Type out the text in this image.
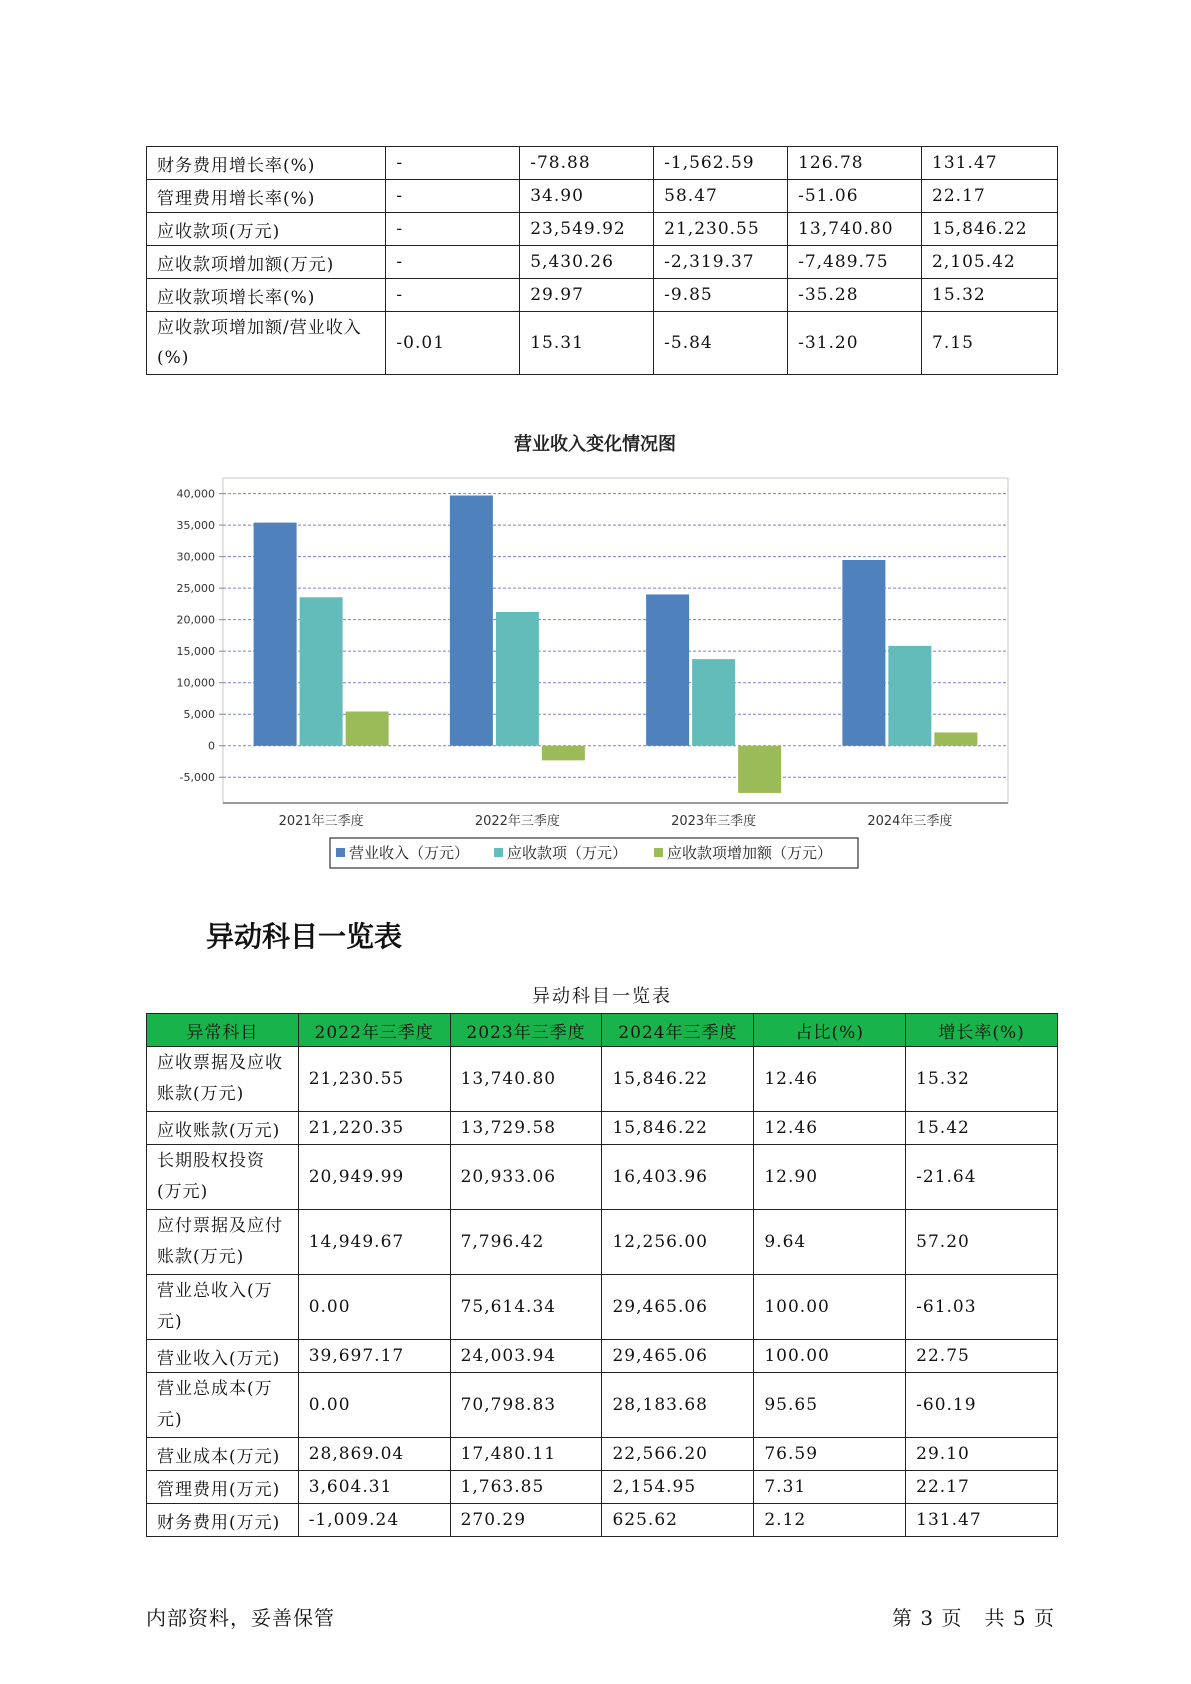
财务费用增长率(%)	-	-78.88	-1,562.59	126.78	131.47
管理费用增长率(%)	-	34.90	58.47	-51.06	22.17
应收款项(万元)	-	23,549.92	21,230.55	13,740.80	15,846.22
应收款项增加额(万元)	-	5,430.26	-2,319.37	-7,489.75	2,105.42
应收款项增长率(%)	-	29.97	-9.85	-35.28	15.32
应收款项增加额/营业收入(%)	-0.01	15.31	-5.84	-31.20	7.15
营业收入变化情况图
40,000
35,000
30,000
25,000
20,000
15,000
10,000
5,000
0
-5,000
2021年三季度	2022年三季度	2023年三季度	2024年三季度
营业收入（万元）	应收款项（万元）	应收款项增加额（万元）
异动科目一览表
异动科目一览表
异常科目	2022年三季度	2023年三季度	2024年三季度	占比(%)	增长率(%)
应收票据及应收账款(万元)	21,230.55	13,740.80	15,846.22	12.46	15.32
应收账款(万元)	21,220.35	13,729.58	15,846.22	12.46	15.42
长期股权投资(万元)	20,949.99	20,933.06	16,403.96	12.90	-21.64
应付票据及应付账款(万元)	14,949.67	7,796.42	12,256.00	9.64	57.20
营业总收入(万元)	0.00	75,614.34	29,465.06	100.00	-61.03
营业收入(万元)	39,697.17	24,003.94	29,465.06	100.00	22.75
营业总成本(万元)	0.00	70,798.83	28,183.68	95.65	-60.19
营业成本(万元)	28,869.04	17,480.11	22,566.20	76.59	29.10
管理费用(万元)	3,604.31	1,763.85	2,154.95	7.31	22.17
财务费用(万元)	-1,009.24	270.29	625.62	2.12	131.47
内部资料，妥善保管	第 3 页   共 5 页
